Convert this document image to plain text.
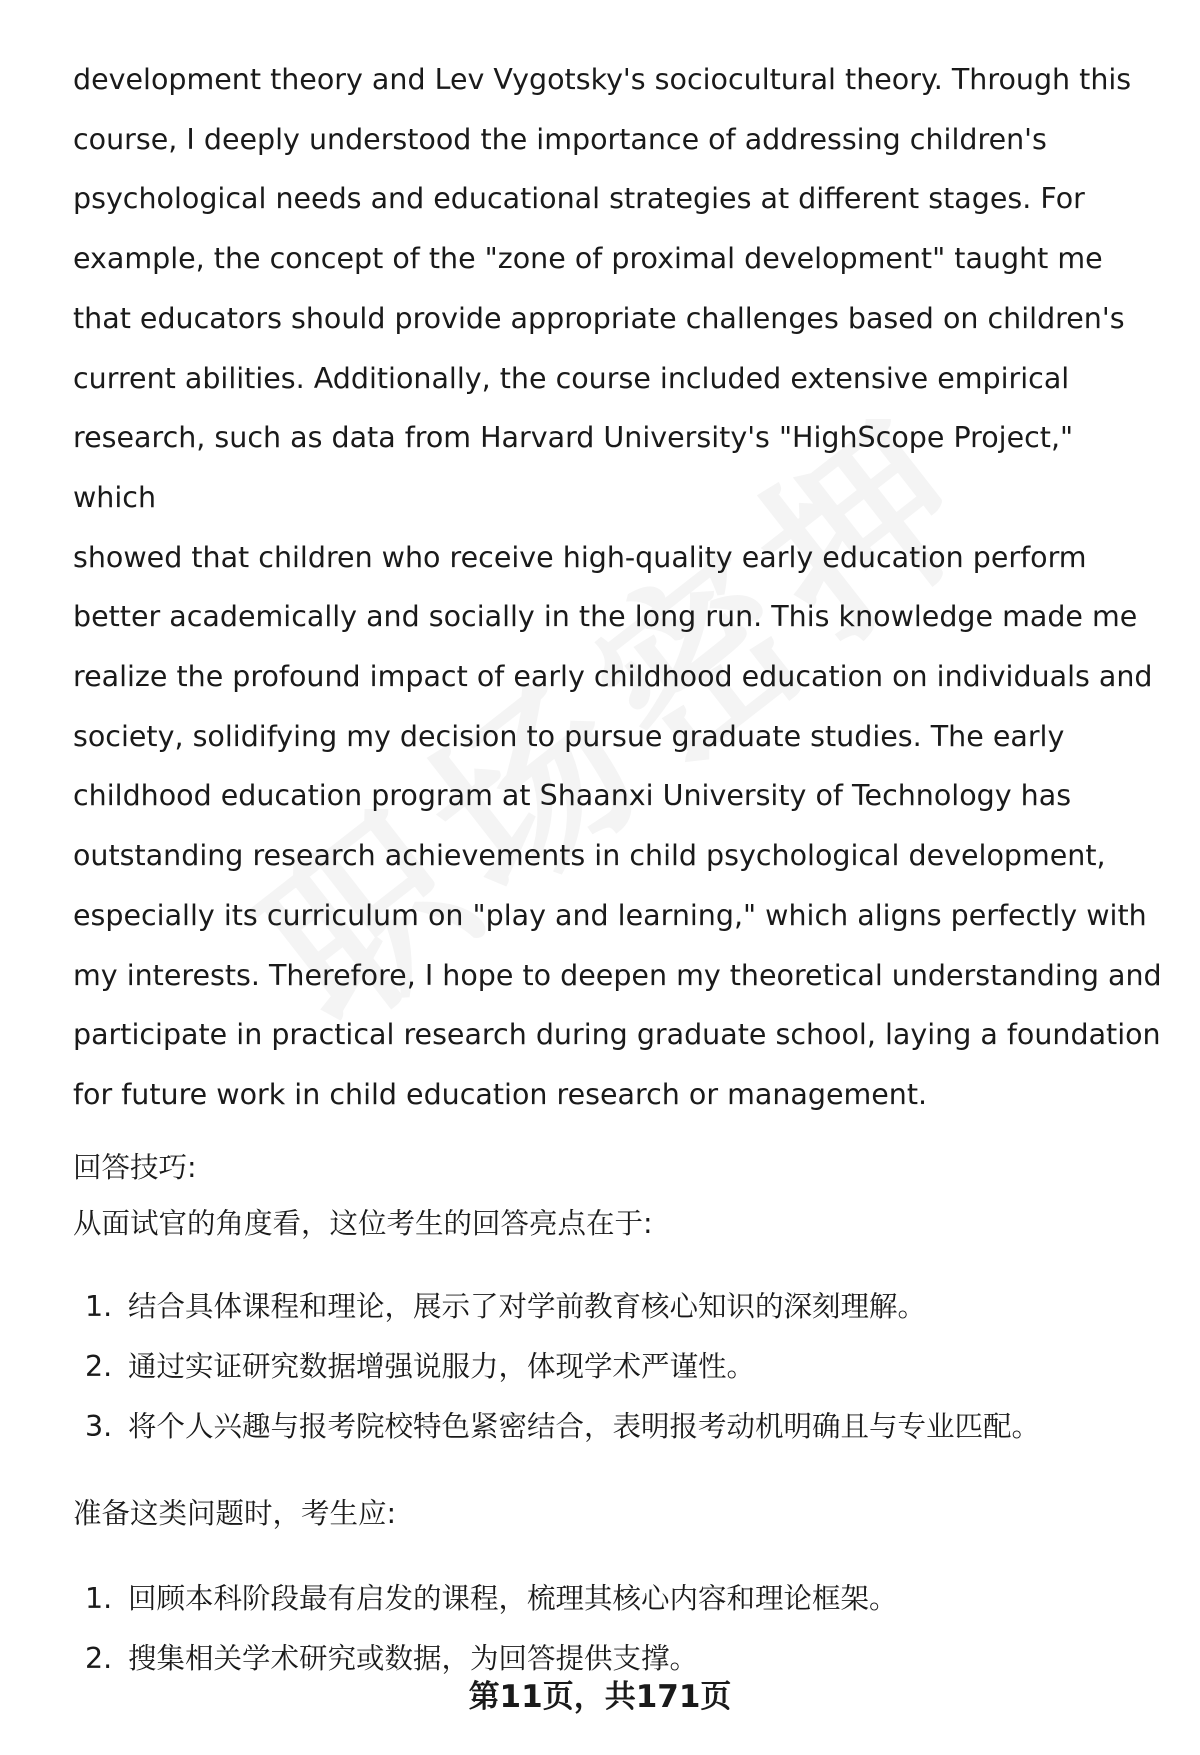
development theory and Lev Vygotsky's sociocultural theory. Through this
course, I deeply understood the importance of addressing children's
psychological needs and educational strategies at different stages. For
example, the concept of the "zone of proximal development" taught me
that educators should provide appropriate challenges based on children's
current abilities. Additionally, the course included extensive empirical
research, such as data from Harvard University's "HighScope Project," which
showed that children who receive high-quality early education perform
better academically and socially in the long run. This knowledge made me
realize the profound impact of early childhood education on individuals and
society, solidifying my decision to pursue graduate studies. The early
childhood education program at Shaanxi University of Technology has
outstanding research achievements in child psychological development,
especially its curriculum on "play and learning," which aligns perfectly with
my interests. Therefore, I hope to deepen my theoretical understanding and
participate in practical research during graduate school, laying a foundation
for future work in child education research or management.

回答技巧:

从面试官的角度看，这位考生的回答亮点在于:

1. 结合具体课程和理论，展示了对学前教育核心知识的深刻理解。
2. 通过实证研究数据增强说服力，体现学术严谨性。
3. 将个人兴趣与报考院校特色紧密结合，表明报考动机明确且与专业匹配。

准备这类问题时，考生应:

1. 回顾本科阶段最有启发的课程，梳理其核心内容和理论框架。
2. 搜集相关学术研究或数据，为回答提供支撑。
第11页，共171页
